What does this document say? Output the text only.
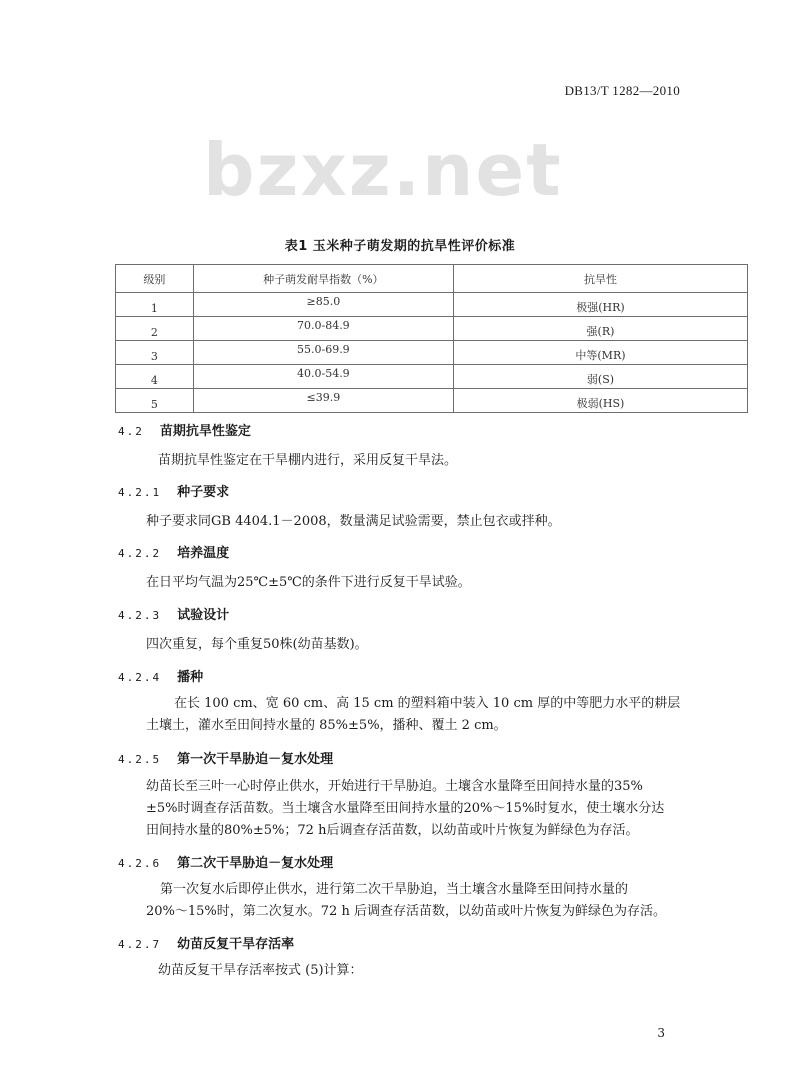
DB13/T 1282—2010
bzxz.net
表1 玉米种子萌发期的抗旱性评价标准
级别	种子萌发耐旱指数（%）	抗旱性
1	≥85.0	极强(HR)
2	70.0-84.9	强(R)
3	55.0-69.9	中等(MR)
4	40.0-54.9	弱(S)
5	≤39.9	极弱(HS)
4.2 苗期抗旱性鉴定
苗期抗旱性鉴定在干旱棚内进行，采用反复干旱法。
4.2.1 种子要求
种子要求同GB 4404.1－2008，数量满足试验需要，禁止包衣或拌种。
4.2.2 培养温度
在日平均气温为25℃±5℃的条件下进行反复干旱试验。
4.2.3 试验设计
四次重复，每个重复50株(幼苗基数)。
4.2.4 播种
在长 100 cm、宽 60 cm、高 15 cm 的塑料箱中装入 10 cm 厚的中等肥力水平的耕层
土壤土，灌水至田间持水量的 85%±5%，播种、覆土 2 cm。
4.2.5 第一次干旱胁迫－复水处理
幼苗长至三叶一心时停止供水，开始进行干旱胁迫。土壤含水量降至田间持水量的35%
±5%时调查存活苗数。当土壤含水量降至田间持水量的20%～15%时复水，使土壤水分达
田间持水量的80%±5%；72 h后调查存活苗数，以幼苗或叶片恢复为鲜绿色为存活。
4.2.6 第二次干旱胁迫－复水处理
第一次复水后即停止供水，进行第二次干旱胁迫，当土壤含水量降至田间持水量的
20%～15%时，第二次复水。72 h 后调查存活苗数，以幼苗或叶片恢复为鲜绿色为存活。
4.2.7 幼苗反复干旱存活率
幼苗反复干旱存活率按式 (5)计算：
3
